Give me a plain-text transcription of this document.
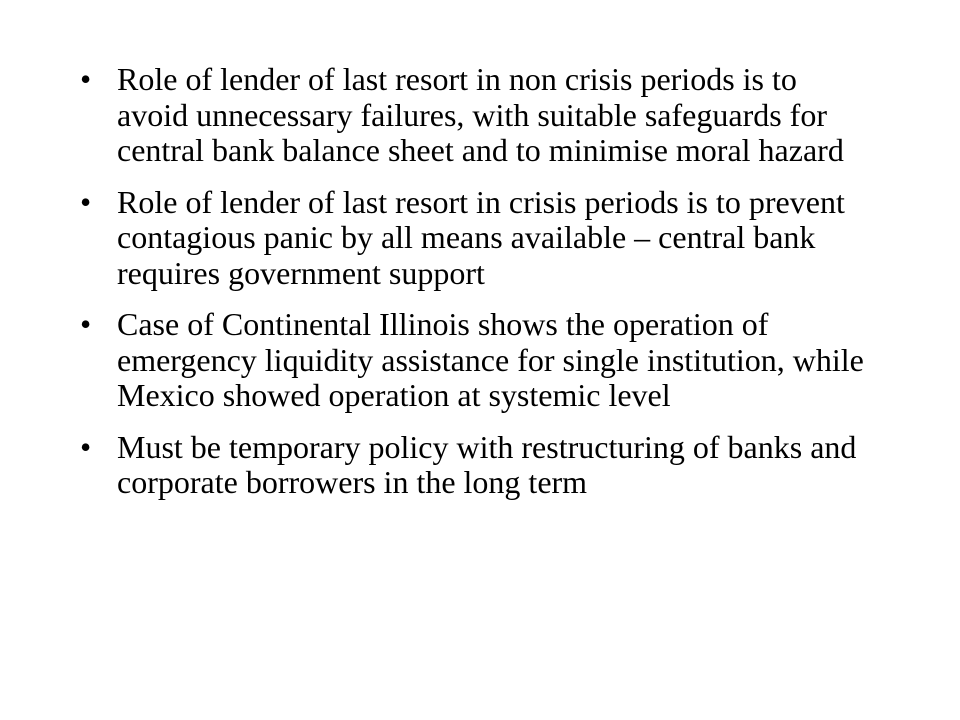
• Role of lender of last resort in non crisis periods is to avoid unnecessary failures, with suitable safeguards for central bank balance sheet and to minimise moral hazard
• Role of lender of last resort in crisis periods is to prevent contagious panic by all means available – central bank requires government support
• Case of Continental Illinois shows the operation of emergency liquidity assistance for single institution, while Mexico showed operation at systemic level
• Must be temporary policy with restructuring of banks and corporate borrowers in the long term
